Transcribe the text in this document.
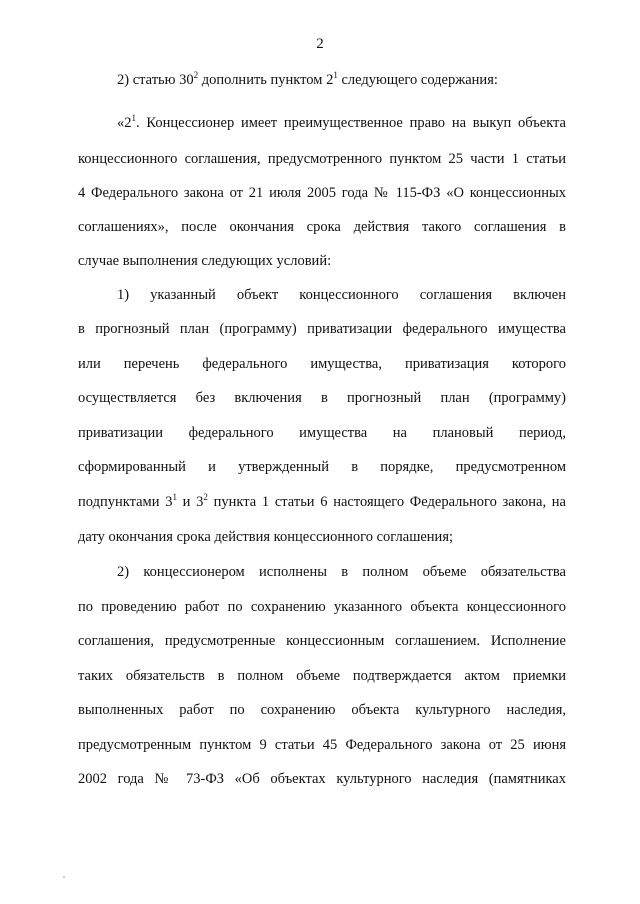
2
2) статью $30^2$ дополнить пунктом $2^1$ следующего содержания:
«$2^1$. Концессионер имеет преимущественное право на выкуп объекта
концессионного соглашения, предусмотренного пунктом 25 части 1 статьи
4 Федерального закона от 21 июля 2005 года № 115-ФЗ «О концессионных
соглашениях», после окончания срока действия такого соглашения в
случае выполнения следующих условий:
1) указанный объект концессионного соглашения включен
в прогнозный план (программу) приватизации федерального имущества
или перечень федерального имущества, приватизация которого
осуществляется без включения в прогнозный план (программу)
приватизации федерального имущества на плановый период,
сформированный и утвержденный в порядке, предусмотренном
подпунктами $3^1$ и $3^2$ пункта 1 статьи 6 настоящего Федерального закона, на
дату окончания срока действия концессионного соглашения;
2) концессионером исполнены в полном объеме обязательства
по проведению работ по сохранению указанного объекта концессионного
соглашения, предусмотренные концессионным соглашением. Исполнение
таких обязательств в полном объеме подтверждается актом приемки
выполненных работ по сохранению объекта культурного наследия,
предусмотренным пунктом 9 статьи 45 Федерального закона от 25 июня
2002 года № 73-ФЗ «Об объектах культурного наследия (памятниках
